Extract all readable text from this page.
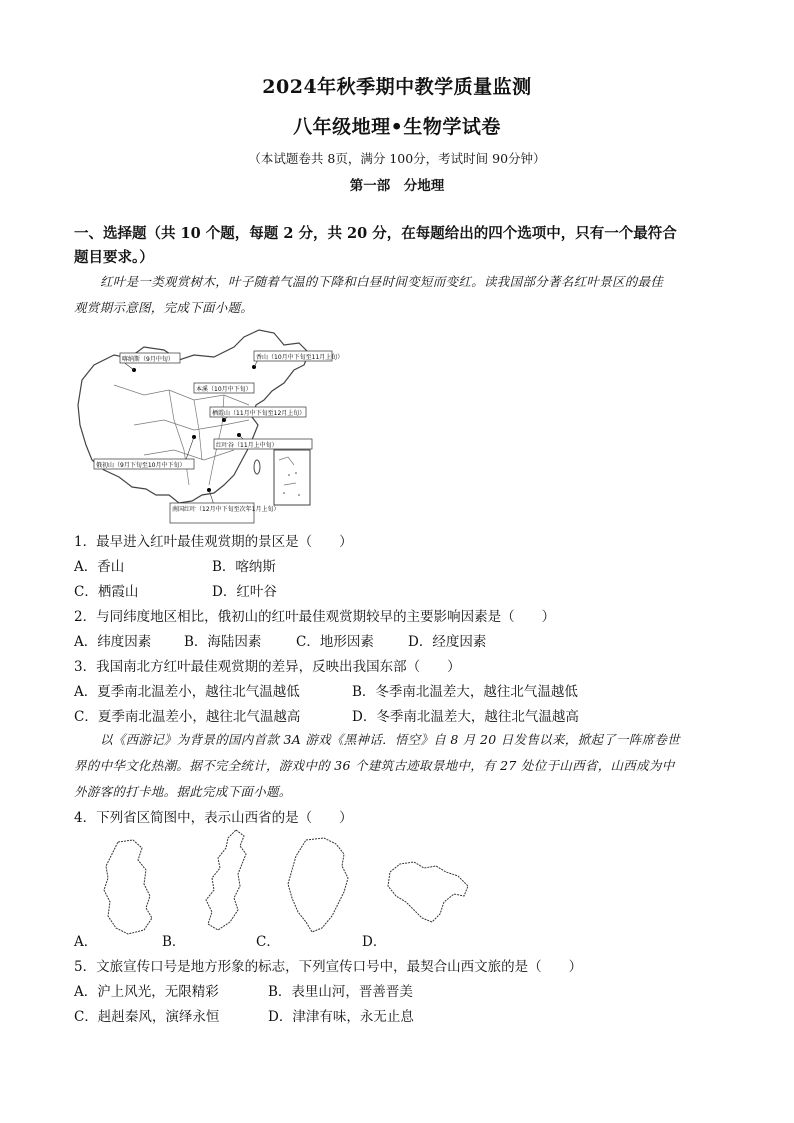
2024年秋季期中教学质量监测
八年级地理•生物学试卷
（本试题卷共 8页，满分 100分，考试时间 90分钟）
第一部　分地理
一、选择题（共 10 个题，每题 2 分，共 20 分，在每题给出的四个选项中，只有一个最符合
题目要求。）
红叶是一类观赏树木，叶子随着气温的下降和白昼时间变短而变红。读我国部分著名红叶景区的最佳
观赏期示意图，完成下面小题。
喀纳斯（9月中旬）	香山（10月中下旬至11月上旬）
本溪（10月中下旬）
栖霞山（11月中下旬至12月上旬）
红叶谷（11月上中旬）
俄初山（9月下旬至10月中下旬）
南国红叶（12月中下旬至次年1月上旬）
1．最早进入红叶最佳观赏期的景区是（　　）
A．香山	B．喀纳斯
C．栖霞山	D．红叶谷
2．与同纬度地区相比，俄初山的红叶最佳观赏期较早的主要影响因素是（　　）
A．纬度因素 B．海陆因素	C．地形因素	D．经度因素
3．我国南北方红叶最佳观赏期的差异，反映出我国东部（　　）
A．夏季南北温差小，越往北气温越低	B．冬季南北温差大，越往北气温越低
C．夏季南北温差小，越往北气温越高	D．冬季南北温差大，越往北气温越高
以《西游记》为背景的国内首款 3A 游戏《黑神话．悟空》自 8 月 20 日发售以来，掀起了一阵席卷世
界的中华文化热潮。据不完全统计，游戏中的 36 个建筑古迹取景地中，有 27 处位于山西省，山西成为中
外游客的打卡地。据此完成下面小题。
4．下列省区简图中，表示山西省的是（　　）
A．	B．	C．	D．
5．文旅宣传口号是地方形象的标志，下列宣传口号中，最契合山西文旅的是（　　）
A．沪上风光，无限精彩	B．表里山河，晋善晋美
C．赳赳秦风，演绎永恒	D．津津有味，永无止息
